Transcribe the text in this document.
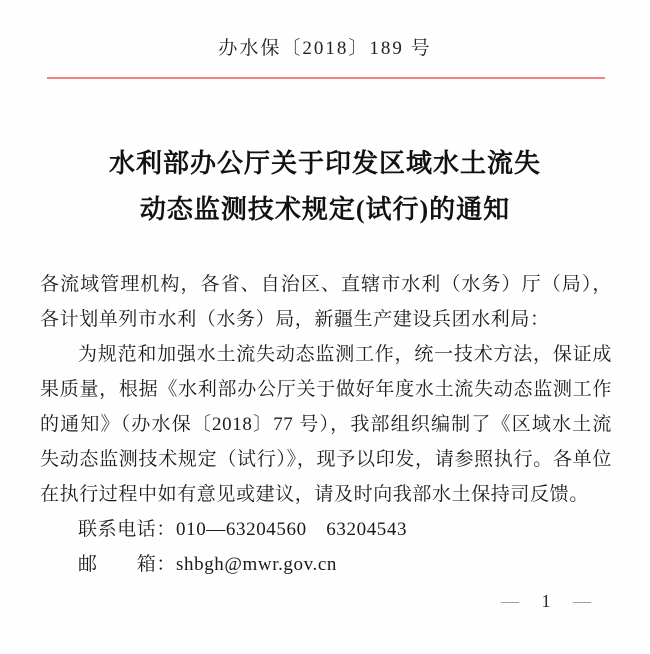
办水保〔2018〕189 号
水利部办公厅关于印发区域水土流失
动态监测技术规定(试行)的通知

各流域管理机构，各省、自治区、直辖市水利（水务）厅（局），各计划单列市水利（水务）局，新疆生产建设兵团水利局：

为规范和加强水土流失动态监测工作，统一技术方法，保证成果质量，根据《水利部办公厅关于做好年度水土流失动态监测工作的通知》（办水保〔2018〕77 号），我部组织编制了《区域水土流失动态监测技术规定（试行）》，现予以印发，请参照执行。各单位在执行过程中如有意见或建议，请及时向我部水土保持司反馈。

联系电话：010—63204560　63204543

邮　　箱：shbgh@mwr.gov.cn

— 1 —
